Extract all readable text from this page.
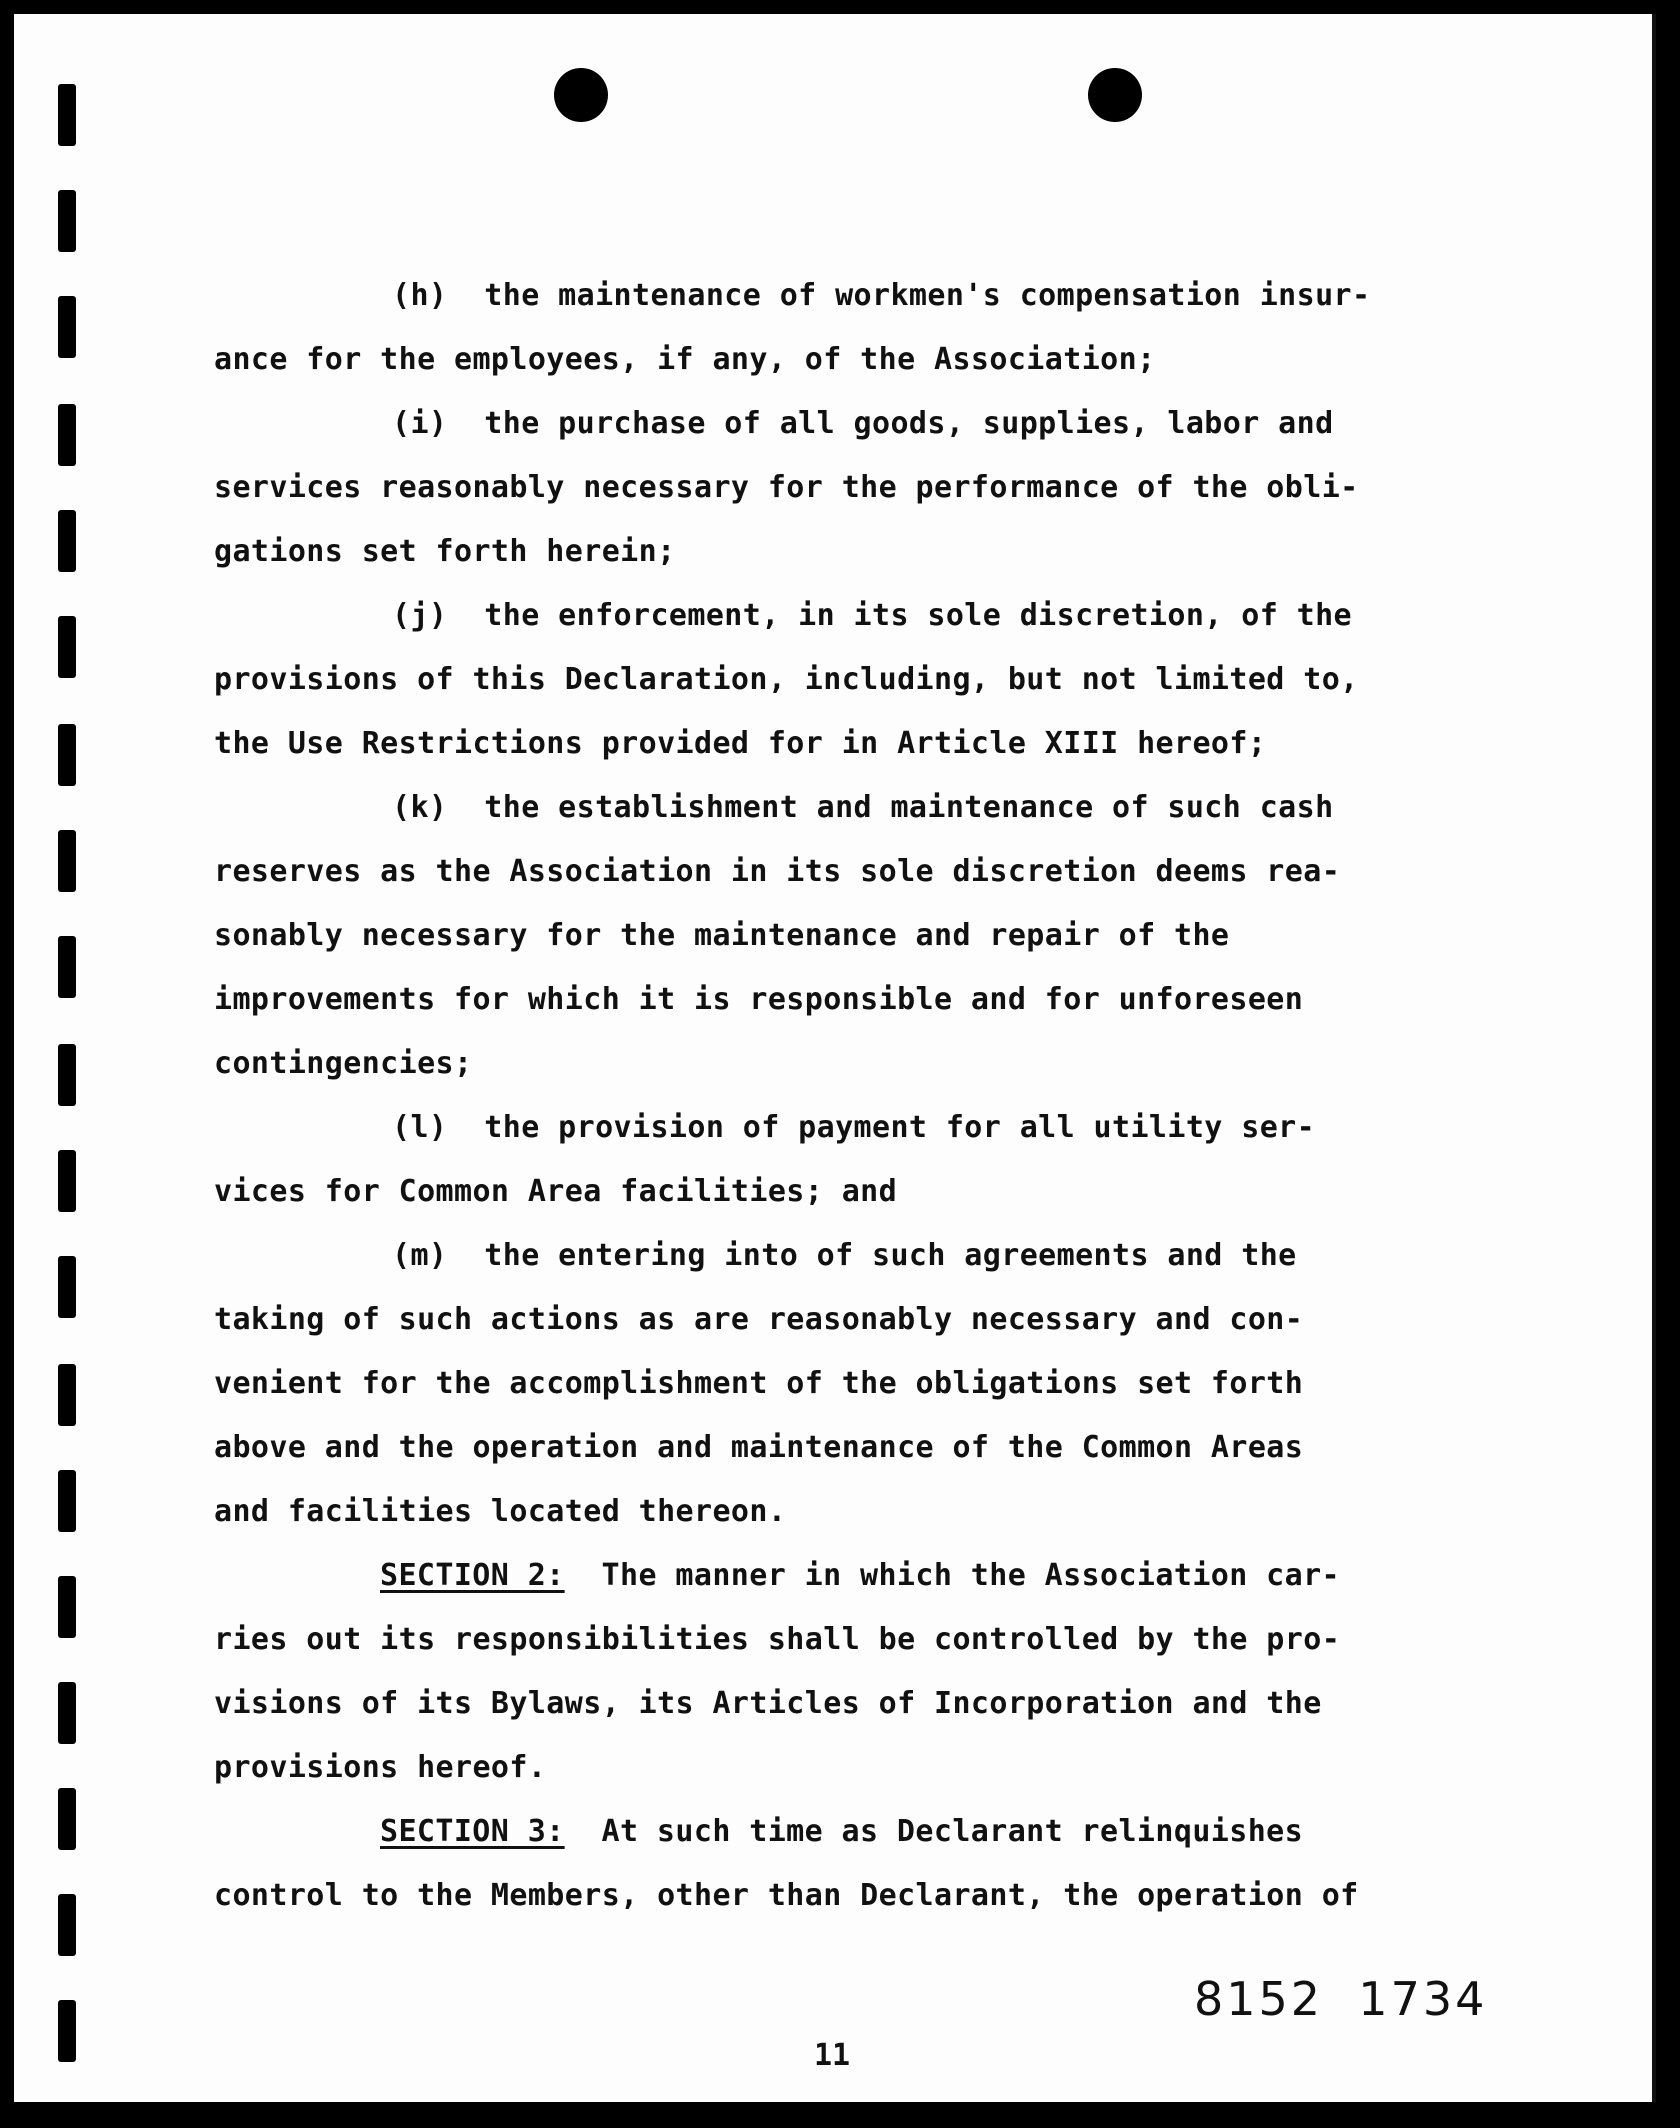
(h)  the maintenance of workmen's compensation insur-
ance for the employees, if any, of the Association;
(i)  the purchase of all goods, supplies, labor and
services reasonably necessary for the performance of the obli-
gations set forth herein;
(j)  the enforcement, in its sole discretion, of the
provisions of this Declaration, including, but not limited to,
the Use Restrictions provided for in Article XIII hereof;
(k)  the establishment and maintenance of such cash
reserves as the Association in its sole discretion deems rea-
sonably necessary for the maintenance and repair of the
improvements for which it is responsible and for unforeseen
contingencies;
(l)  the provision of payment for all utility ser-
vices for Common Area facilities; and
(m)  the entering into of such agreements and the
taking of such actions as are reasonably necessary and con-
venient for the accomplishment of the obligations set forth
above and the operation and maintenance of the Common Areas
and facilities located thereon.
SECTION 2:  The manner in which the Association car-
ries out its responsibilities shall be controlled by the pro-
visions of its Bylaws, its Articles of Incorporation and the
provisions hereof.
SECTION 3:  At such time as Declarant relinquishes
control to the Members, other than Declarant, the operation of
8152  1734
11
